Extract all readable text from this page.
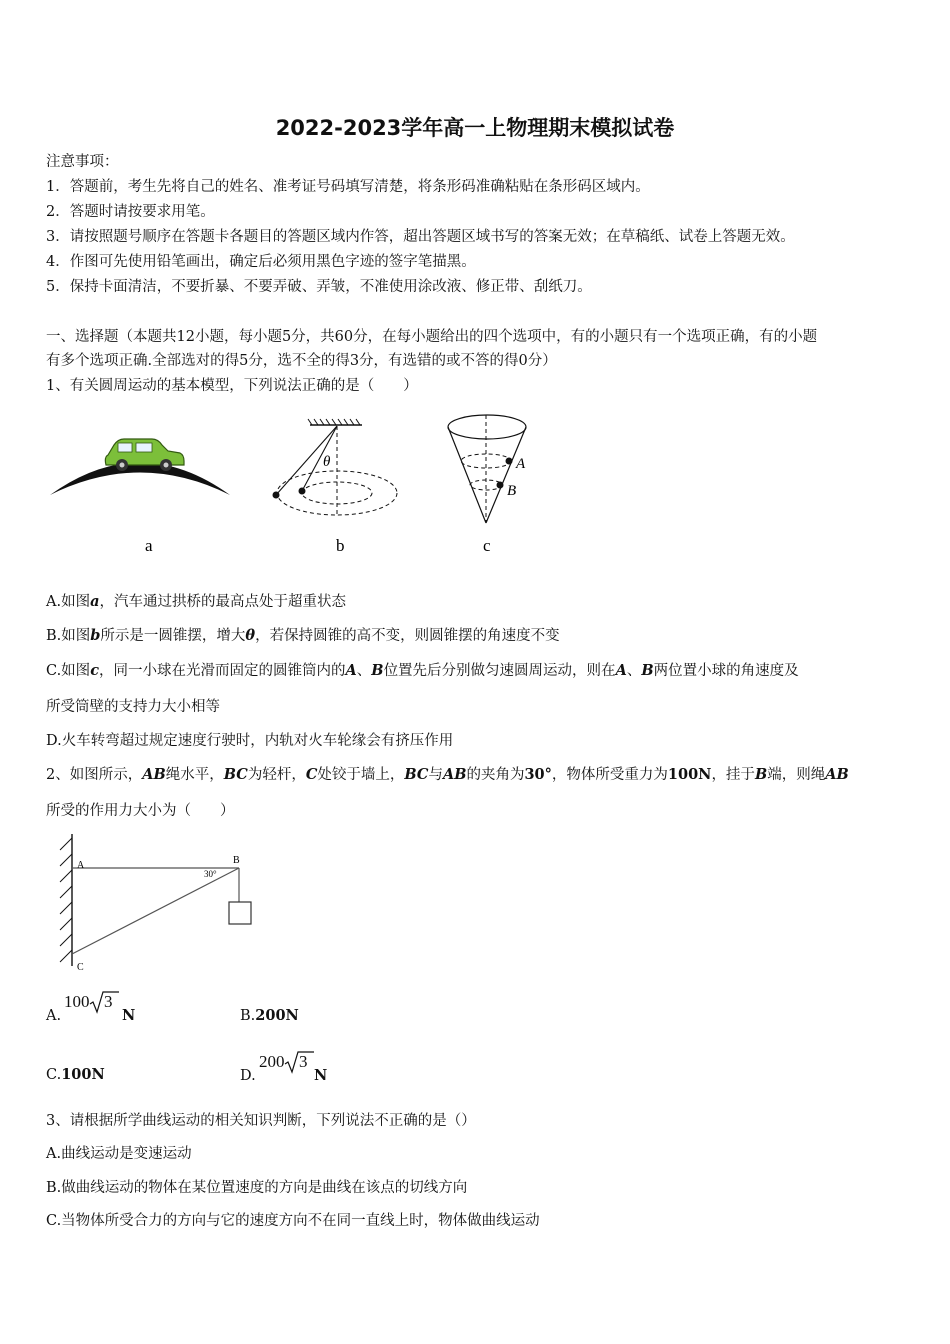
2022-2023学年高一上物理期末模拟试卷
注意事项：
1．答题前，考生先将自己的姓名、准考证号码填写清楚，将条形码准确粘贴在条形码区域内。
2．答题时请按要求用笔。
3．请按照题号顺序在答题卡各题目的答题区域内作答，超出答题区域书写的答案无效；在草稿纸、试卷上答题无效。
4．作图可先使用铅笔画出，确定后必须用黑色字迹的签字笔描黑。
5．保持卡面清洁，不要折暴、不要弄破、弄皱，不准使用涂改液、修正带、刮纸刀。
一、选择题（本题共12小题，每小题5分，共60分，在每小题给出的四个选项中，有的小题只有一个选项正确，有的小题
有多个选项正确.全部选对的得5分，选不全的得3分，有选错的或不答的得0分）
1、有关圆周运动的基本模型，下列说法正确的是（　　）
a
θ
b
A
B
c
A.如图a，汽车通过拱桥的最高点处于超重状态
B.如图b所示是一圆锥摆，增大θ，若保持圆锥的高不变，则圆锥摆的角速度不变
C.如图c，同一小球在光滑而固定的圆锥筒内的A、B位置先后分别做匀速圆周运动，则在A、B两位置小球的角速度及
所受筒壁的支持力大小相等
D.火车转弯超过规定速度行驶时，内轨对火车轮缘会有挤压作用
2、如图所示，AB绳水平，BC为轻杆，C处铰于墙上，BC与AB的夹角为30°，物体所受重力为100N，挂于B端，则绳AB
所受的作用力大小为（　　）
A	B
C
30°
A.
100 3
N	B.200N
C.100N	D.
200 3
N
3、请根据所学曲线运动的相关知识判断，下列说法不正确的是（）
A.曲线运动是变速运动
B.做曲线运动的物体在某位置速度的方向是曲线在该点的切线方向
C.当物体所受合力的方向与它的速度方向不在同一直线上时，物体做曲线运动
